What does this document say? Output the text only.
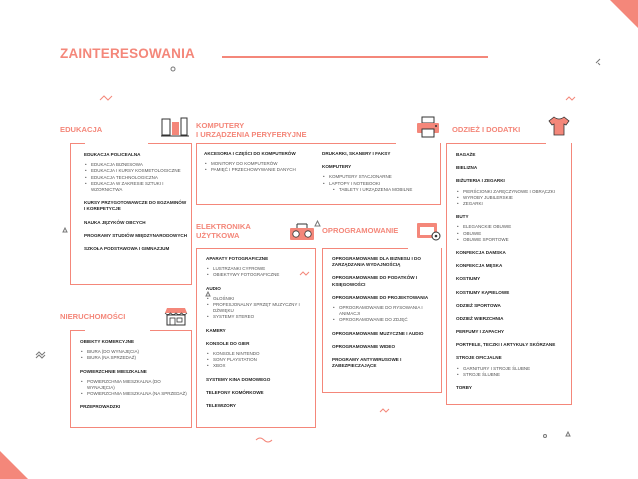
ZAINTERESOWANIA
EDUKACJA
EDUKACJA POLICEALNA
• EDUKACJA BIZNESOWA
• EDUKACJA I KURSY KOSMETOLOGICZNE
• EDUKACJA TECHNOLOGICZNA
• EDUKACJA W ZAKRESIE SZTUKI I WZORNICTWA
KURSY PRZYGOTOWAWCZE DO EGZAMINÓW I KOREPETYCJE
NAUKA JĘZYKÓW OBCYCH
PROGRAMY STUDIÓW MIĘDZYNARODOWYCH
SZKOŁA PODSTAWOWA I GIMNAZJUM
NIERUCHOMOŚCI
OBIEKTY KOMERCYJNE
• BIURA (DO WYNAJĘCIA)
• BIURA (NA SPRZEDAŻ)
POWIERZCHNIE MIESZKALNE
• POWIERZCHNIA MIESZKALNA (DO WYNAJĘCIA)
• POWIERZCHNIA MIESZKALNA (NA SPRZEDAŻ)
PRZEPROWADZKI
KOMPUTERY
I URZĄDZENIA PERYFERYJNE
AKCESORIA I CZĘŚCI DO KOMPUTERÓW
• MONITORY DO KOMPUTERÓW
• PAMIĘĆ I PRZECHOWYWANIE DANYCH
DRUKARKI, SKANERY I FAKSY
KOMPUTERY
• KOMPUTERY STACJONARNE
• LAPTOPY I NOTEBOOKI
• TABLETY I URZĄDZENIA MOBILNE
ELEKTRONIKA
UŻYTKOWA
APARATY FOTOGRAFICZNE
• LUSTRZANKI CYFROWE
• OBIEKTYWY FOTOGRAFICZNE
AUDIO
• GŁOŚNIKI
• PROFESJONALNY SPRZĘT MUZYCZNY I DŹWIĘKU
• SYSTEMY STEREO
KAMERY
KONSOLE DO GIER
• KONSOLE NINTENDO
• SONY PLAYSTATION
• XBOX
SYSTEMY KINA DOMOWEGO
TELEFONY KOMÓRKOWE
TELEWIZORY
OPROGRAMOWANIE
OPROGRAMOWANIE DLA BIZNESU I DO ZARZĄDZANIA WYDAJNOŚCIĄ
OPROGRAMOWANIE DO PODATKÓW I KSIĘGOWOŚCI
OPROGRAMOWANIE DO PROJEKTOWANIA
• OPROGRAMOWANIE DO RYSOWANIA I ANIMACJI
• OPROGRAMOWANIE DO ZDJĘĆ
OPROGRAMOWANIE MUZYCZNE I AUDIO
OPROGRAMOWANIE WIDEO
PROGRAMY ANTYWIRUSOWE I ZABEZPIECZAJĄCE
ODZIEŻ I DODATKI
BAGAŻE
BIELIZNA
BIŻUTERIA I ZEGARKI
• PIERŚCIONKI ZARĘCZYNOWE I OBRĄCZKI
• WYROBY JUBILERSKIE
• ZEGARKI
BUTY
• ELEGANCKIE OBUWIE
• OBUWIE
• OBUWIE SPORTOWE
KONFEKCJA DAMSKA
KONFEKCJA MĘSKA
KOSTIUMY
KOSTIUMY KĄPIELOWE
ODZIEŻ SPORTOWA
ODZIEŻ WIERZCHNIA
PERFUMY I ZAPACHY
PORTFELE, TECZKI I ARTYKUŁY SKÓRZANE
STROJE OFICJALNE
• GARNITURY I STROJE ŚLUBNE
• STROJE ŚLUBNE
TORBY
